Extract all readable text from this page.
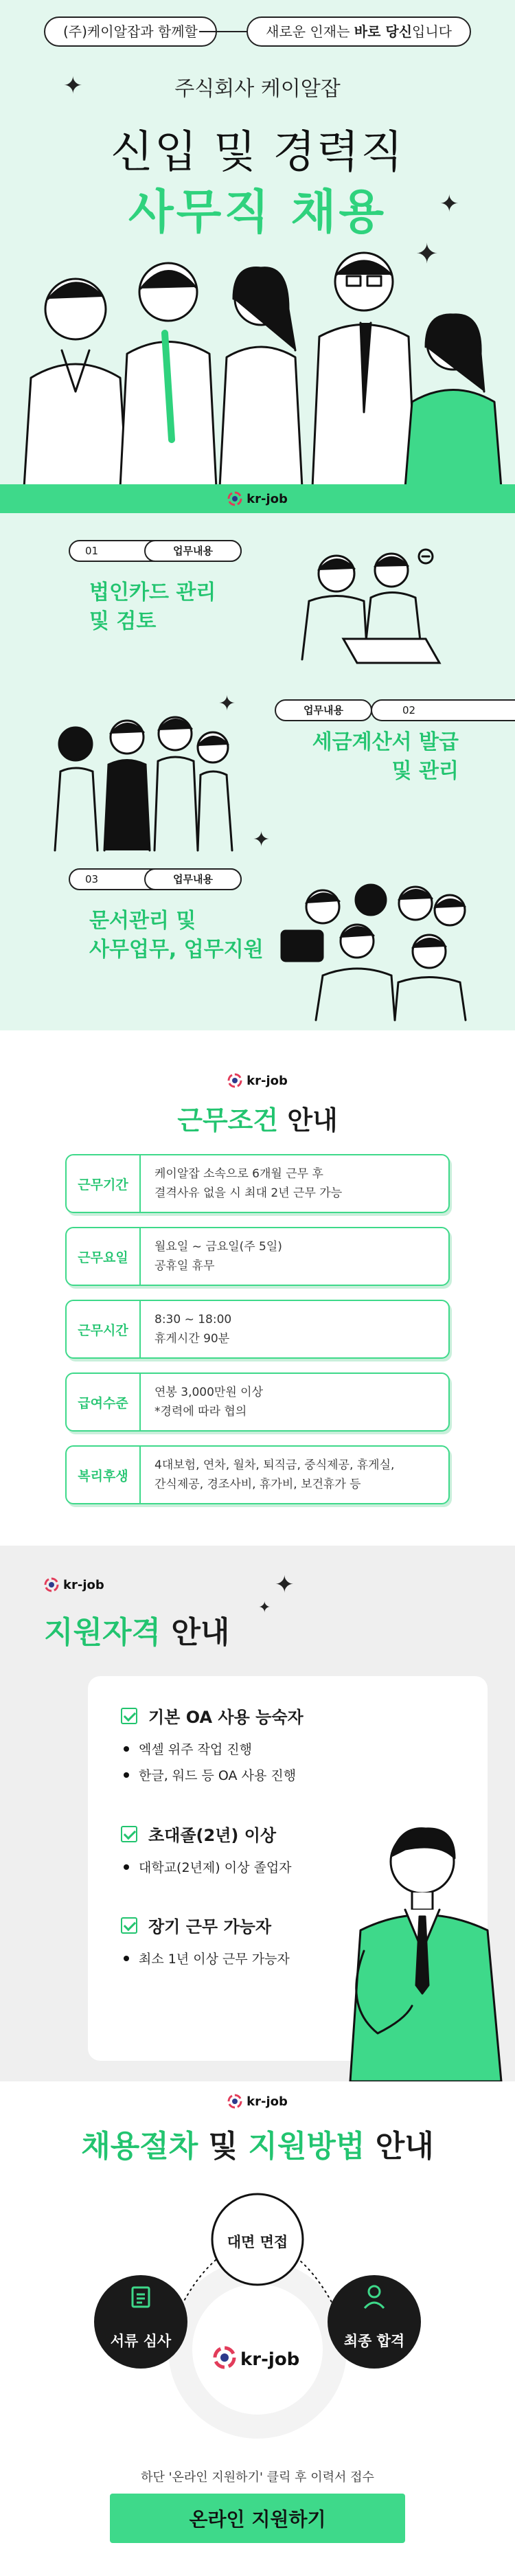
(주)케이알잡과 함께할	새로운 인재는 바로 당신입니다
✦
✦
✦
주식회사 케이알잡
신입 및 경력직
사무직 채용
kr-job
01	업무내용
법인카드 관리
및 검토
✦	업무내용	02
세금계산서 발급
및 관리
✦
03	업무내용
문서관리 및
사무업무, 업무지원
kr-job
근무조건 안내
근무기간
케이알잡 소속으로 6개월 근무 후
결격사유 없을 시 최대 2년 근무 가능
근무요일
월요일 ~ 금요일(주 5일)
공휴일 휴무
근무시간
8:30 ~ 18:00
휴게시간 90분
급여수준
연봉 3,000만원 이상
*경력에 따라 협의
복리후생
4대보험, 연차, 월차, 퇴직금, 중식제공, 휴게실,
간식제공, 경조사비, 휴가비, 보건휴가 등
kr-job	✦
✦
지원자격 안내
기본 OA 사용 능숙자
엑셀 위주 작업 진행
한글, 워드 등 OA 사용 진행
초대졸(2년) 이상
대학교(2년제) 이상 졸업자
장기 근무 가능자
최소 1년 이상 근무 가능자
kr-job
채용절차 및 지원방법 안내
서류 심사
대면 면접
최종 합격
kr-job
하단 '온라인 지원하기' 클릭 후 이력서 접수
온라인 지원하기
